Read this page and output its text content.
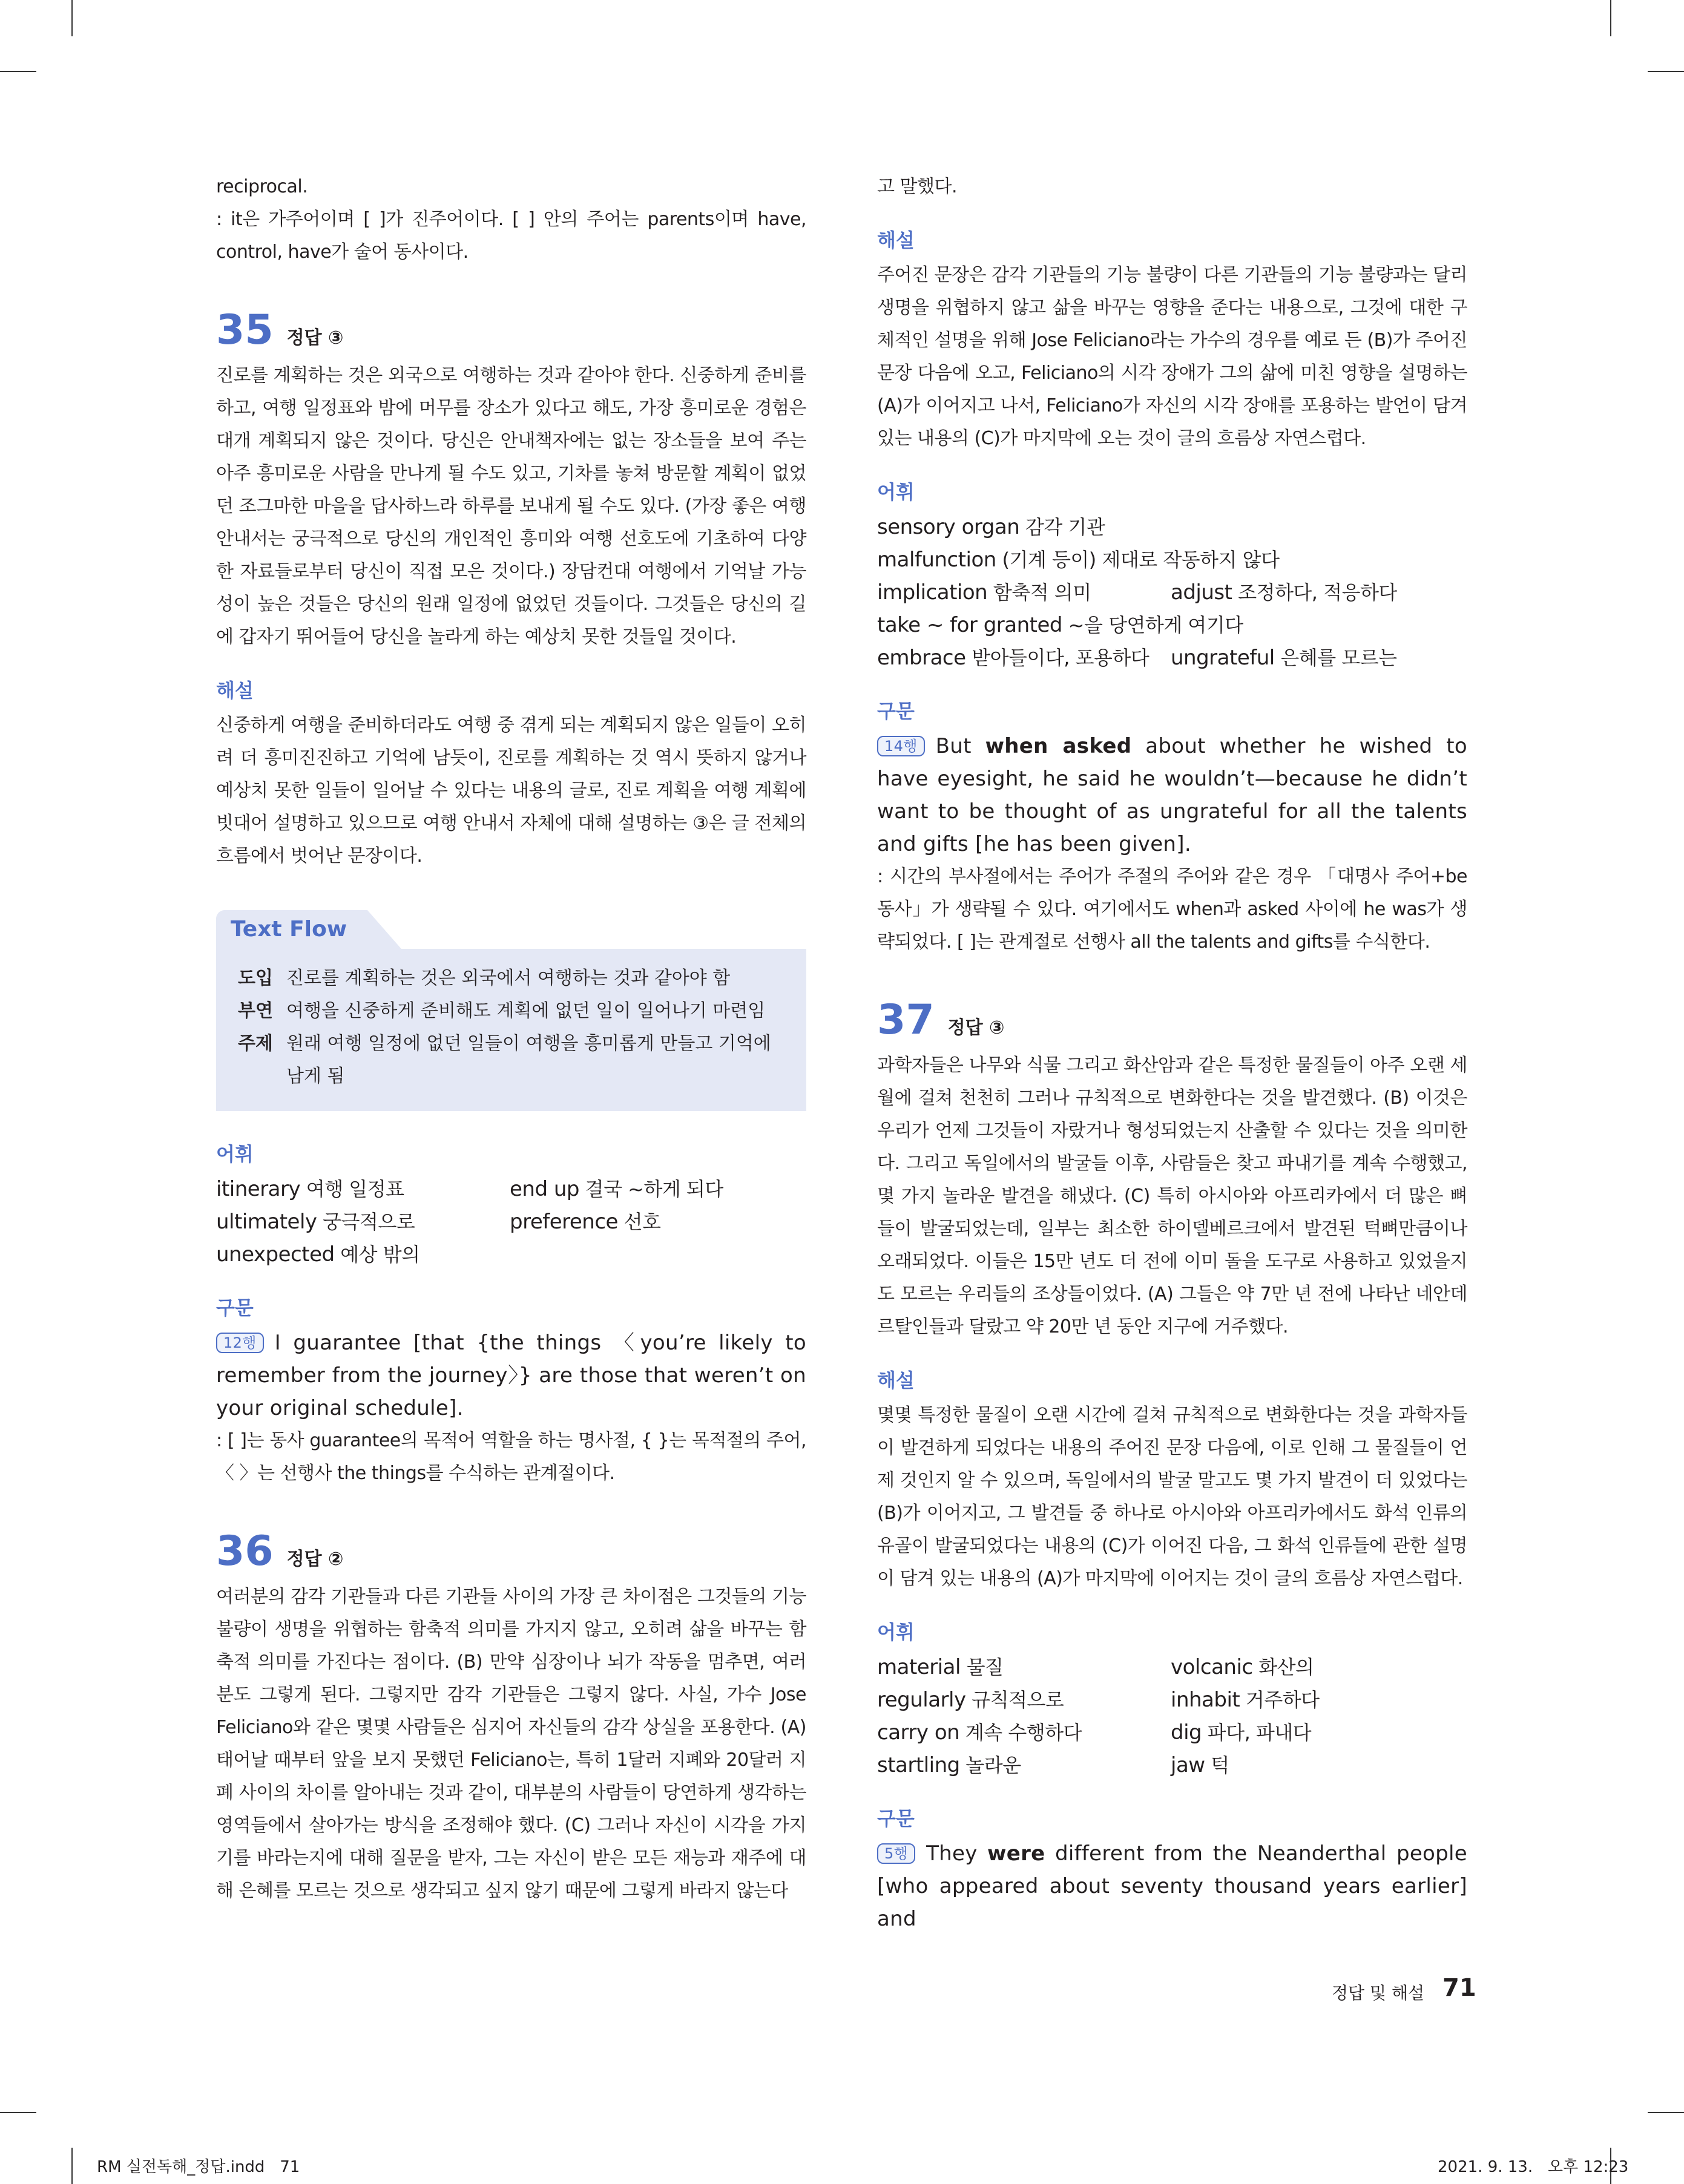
reciprocal.

: it은 가주어이며 [ ]가 진주어이다. [ ] 안의 주어는 parents이며 have, control, have가 술어 동사이다.

35 정답 ③

진로를 계획하는 것은 외국으로 여행하는 것과 같아야 한다. 신중하게 준비를 하고, 여행 일정표와 밤에 머무를 장소가 있다고 해도, 가장 흥미로운 경험은 대개 계획되지 않은 것이다. 당신은 안내책자에는 없는 장소들을 보여 주는 아주 흥미로운 사람을 만나게 될 수도 있고, 기차를 놓쳐 방문할 계획이 없었던 조그마한 마을을 답사하느라 하루를 보내게 될 수도 있다. (가장 좋은 여행 안내서는 궁극적으로 당신의 개인적인 흥미와 여행 선호도에 기초하여 다양한 자료들로부터 당신이 직접 모은 것이다.) 장담컨대 여행에서 기억날 가능성이 높은 것들은 당신의 원래 일정에 없었던 것들이다. 그것들은 당신의 길에 갑자기 뛰어들어 당신을 놀라게 하는 예상치 못한 것들일 것이다.

해설

신중하게 여행을 준비하더라도 여행 중 겪게 되는 계획되지 않은 일들이 오히려 더 흥미진진하고 기억에 남듯이, 진로를 계획하는 것 역시 뜻하지 않거나 예상치 못한 일들이 일어날 수 있다는 내용의 글로, 진로 계획을 여행 계획에 빗대어 설명하고 있으므로 여행 안내서 자체에 대해 설명하는 ③은 글 전체의 흐름에서 벗어난 문장이다.

Text Flow
도입 진로를 계획하는 것은 외국에서 여행하는 것과 같아야 함
부연 여행을 신중하게 준비해도 계획에 없던 일이 일어나기 마련임
주제 원래 여행 일정에 없던 일들이 여행을 흥미롭게 만들고 기억에 남게 됨
어휘
itinerary 여행 일정표	end up 결국 ~하게 되다
ultimately 궁극적으로	preference 선호
unexpected 예상 밖의
구문

12행 I guarantee [that {the things 〈you’re likely to remember from the journey〉} are those that weren’t on your original schedule].

: [ ]는 동사 guarantee의 목적어 역할을 하는 명사절, { }는 목적절의 주어, 〈 〉는 선행사 the things를 수식하는 관계절이다.

36 정답 ②

여러분의 감각 기관들과 다른 기관들 사이의 가장 큰 차이점은 그것들의 기능 불량이 생명을 위협하는 함축적 의미를 가지지 않고, 오히려 삶을 바꾸는 함축적 의미를 가진다는 점이다. (B) 만약 심장이나 뇌가 작동을 멈추면, 여러분도 그렇게 된다. 그렇지만 감각 기관들은 그렇지 않다. 사실, 가수 Jose Feliciano와 같은 몇몇 사람들은 심지어 자신들의 감각 상실을 포용한다. (A) 태어날 때부터 앞을 보지 못했던 Feliciano는, 특히 1달러 지폐와 20달러 지폐 사이의 차이를 알아내는 것과 같이, 대부분의 사람들이 당연하게 생각하는 영역들에서 살아가는 방식을 조정해야 했다. (C) 그러나 자신이 시각을 가지기를 바라는지에 대해 질문을 받자, 그는 자신이 받은 모든 재능과 재주에 대해 은혜를 모르는 것으로 생각되고 싶지 않기 때문에 그렇게 바라지 않는다

고 말했다.

해설

주어진 문장은 감각 기관들의 기능 불량이 다른 기관들의 기능 불량과는 달리 생명을 위협하지 않고 삶을 바꾸는 영향을 준다는 내용으로, 그것에 대한 구체적인 설명을 위해 Jose Feliciano라는 가수의 경우를 예로 든 (B)가 주어진 문장 다음에 오고, Feliciano의 시각 장애가 그의 삶에 미친 영향을 설명하는 (A)가 이어지고 나서, Feliciano가 자신의 시각 장애를 포용하는 발언이 담겨 있는 내용의 (C)가 마지막에 오는 것이 글의 흐름상 자연스럽다.

어휘
sensory organ 감각 기관
malfunction (기계 등이) 제대로 작동하지 않다
implication 함축적 의미	adjust 조정하다, 적응하다
take ~ for granted ~을 당연하게 여기다
embrace 받아들이다, 포용하다	ungrateful 은혜를 모르는
구문

14행 But when asked about whether he wished to have eyesight, he said he wouldn’t—because he didn’t want to be thought of as ungrateful for all the talents and gifts [he has been given].

: 시간의 부사절에서는 주어가 주절의 주어와 같은 경우 「대명사 주어+be동사」가 생략될 수 있다. 여기에서도 when과 asked 사이에 he was가 생략되었다. [ ]는 관계절로 선행사 all the talents and gifts를 수식한다.

37 정답 ③

과학자들은 나무와 식물 그리고 화산암과 같은 특정한 물질들이 아주 오랜 세월에 걸쳐 천천히 그러나 규칙적으로 변화한다는 것을 발견했다. (B) 이것은 우리가 언제 그것들이 자랐거나 형성되었는지 산출할 수 있다는 것을 의미한다. 그리고 독일에서의 발굴들 이후, 사람들은 찾고 파내기를 계속 수행했고, 몇 가지 놀라운 발견을 해냈다. (C) 특히 아시아와 아프리카에서 더 많은 뼈들이 발굴되었는데, 일부는 최소한 하이델베르크에서 발견된 턱뼈만큼이나 오래되었다. 이들은 15만 년도 더 전에 이미 돌을 도구로 사용하고 있었을지도 모르는 우리들의 조상들이었다. (A) 그들은 약 7만 년 전에 나타난 네안데르탈인들과 달랐고 약 20만 년 동안 지구에 거주했다.

해설

몇몇 특정한 물질이 오랜 시간에 걸쳐 규칙적으로 변화한다는 것을 과학자들이 발견하게 되었다는 내용의 주어진 문장 다음에, 이로 인해 그 물질들이 언제 것인지 알 수 있으며, 독일에서의 발굴 말고도 몇 가지 발견이 더 있었다는 (B)가 이어지고, 그 발견들 중 하나로 아시아와 아프리카에서도 화석 인류의 유골이 발굴되었다는 내용의 (C)가 이어진 다음, 그 화석 인류들에 관한 설명이 담겨 있는 내용의 (A)가 마지막에 이어지는 것이 글의 흐름상 자연스럽다.

어휘
material 물질	volcanic 화산의
regularly 규칙적으로	inhabit 거주하다
carry on 계속 수행하다	dig 파다, 파내다
startling 놀라운	jaw 턱
구문

5행 They were different from the Neanderthal people [who appeared about seventy thousand years earlier] and

정답 및 해설 71
RM 실전독해_정답.indd   71	2021. 9. 13.   오후 12:23
